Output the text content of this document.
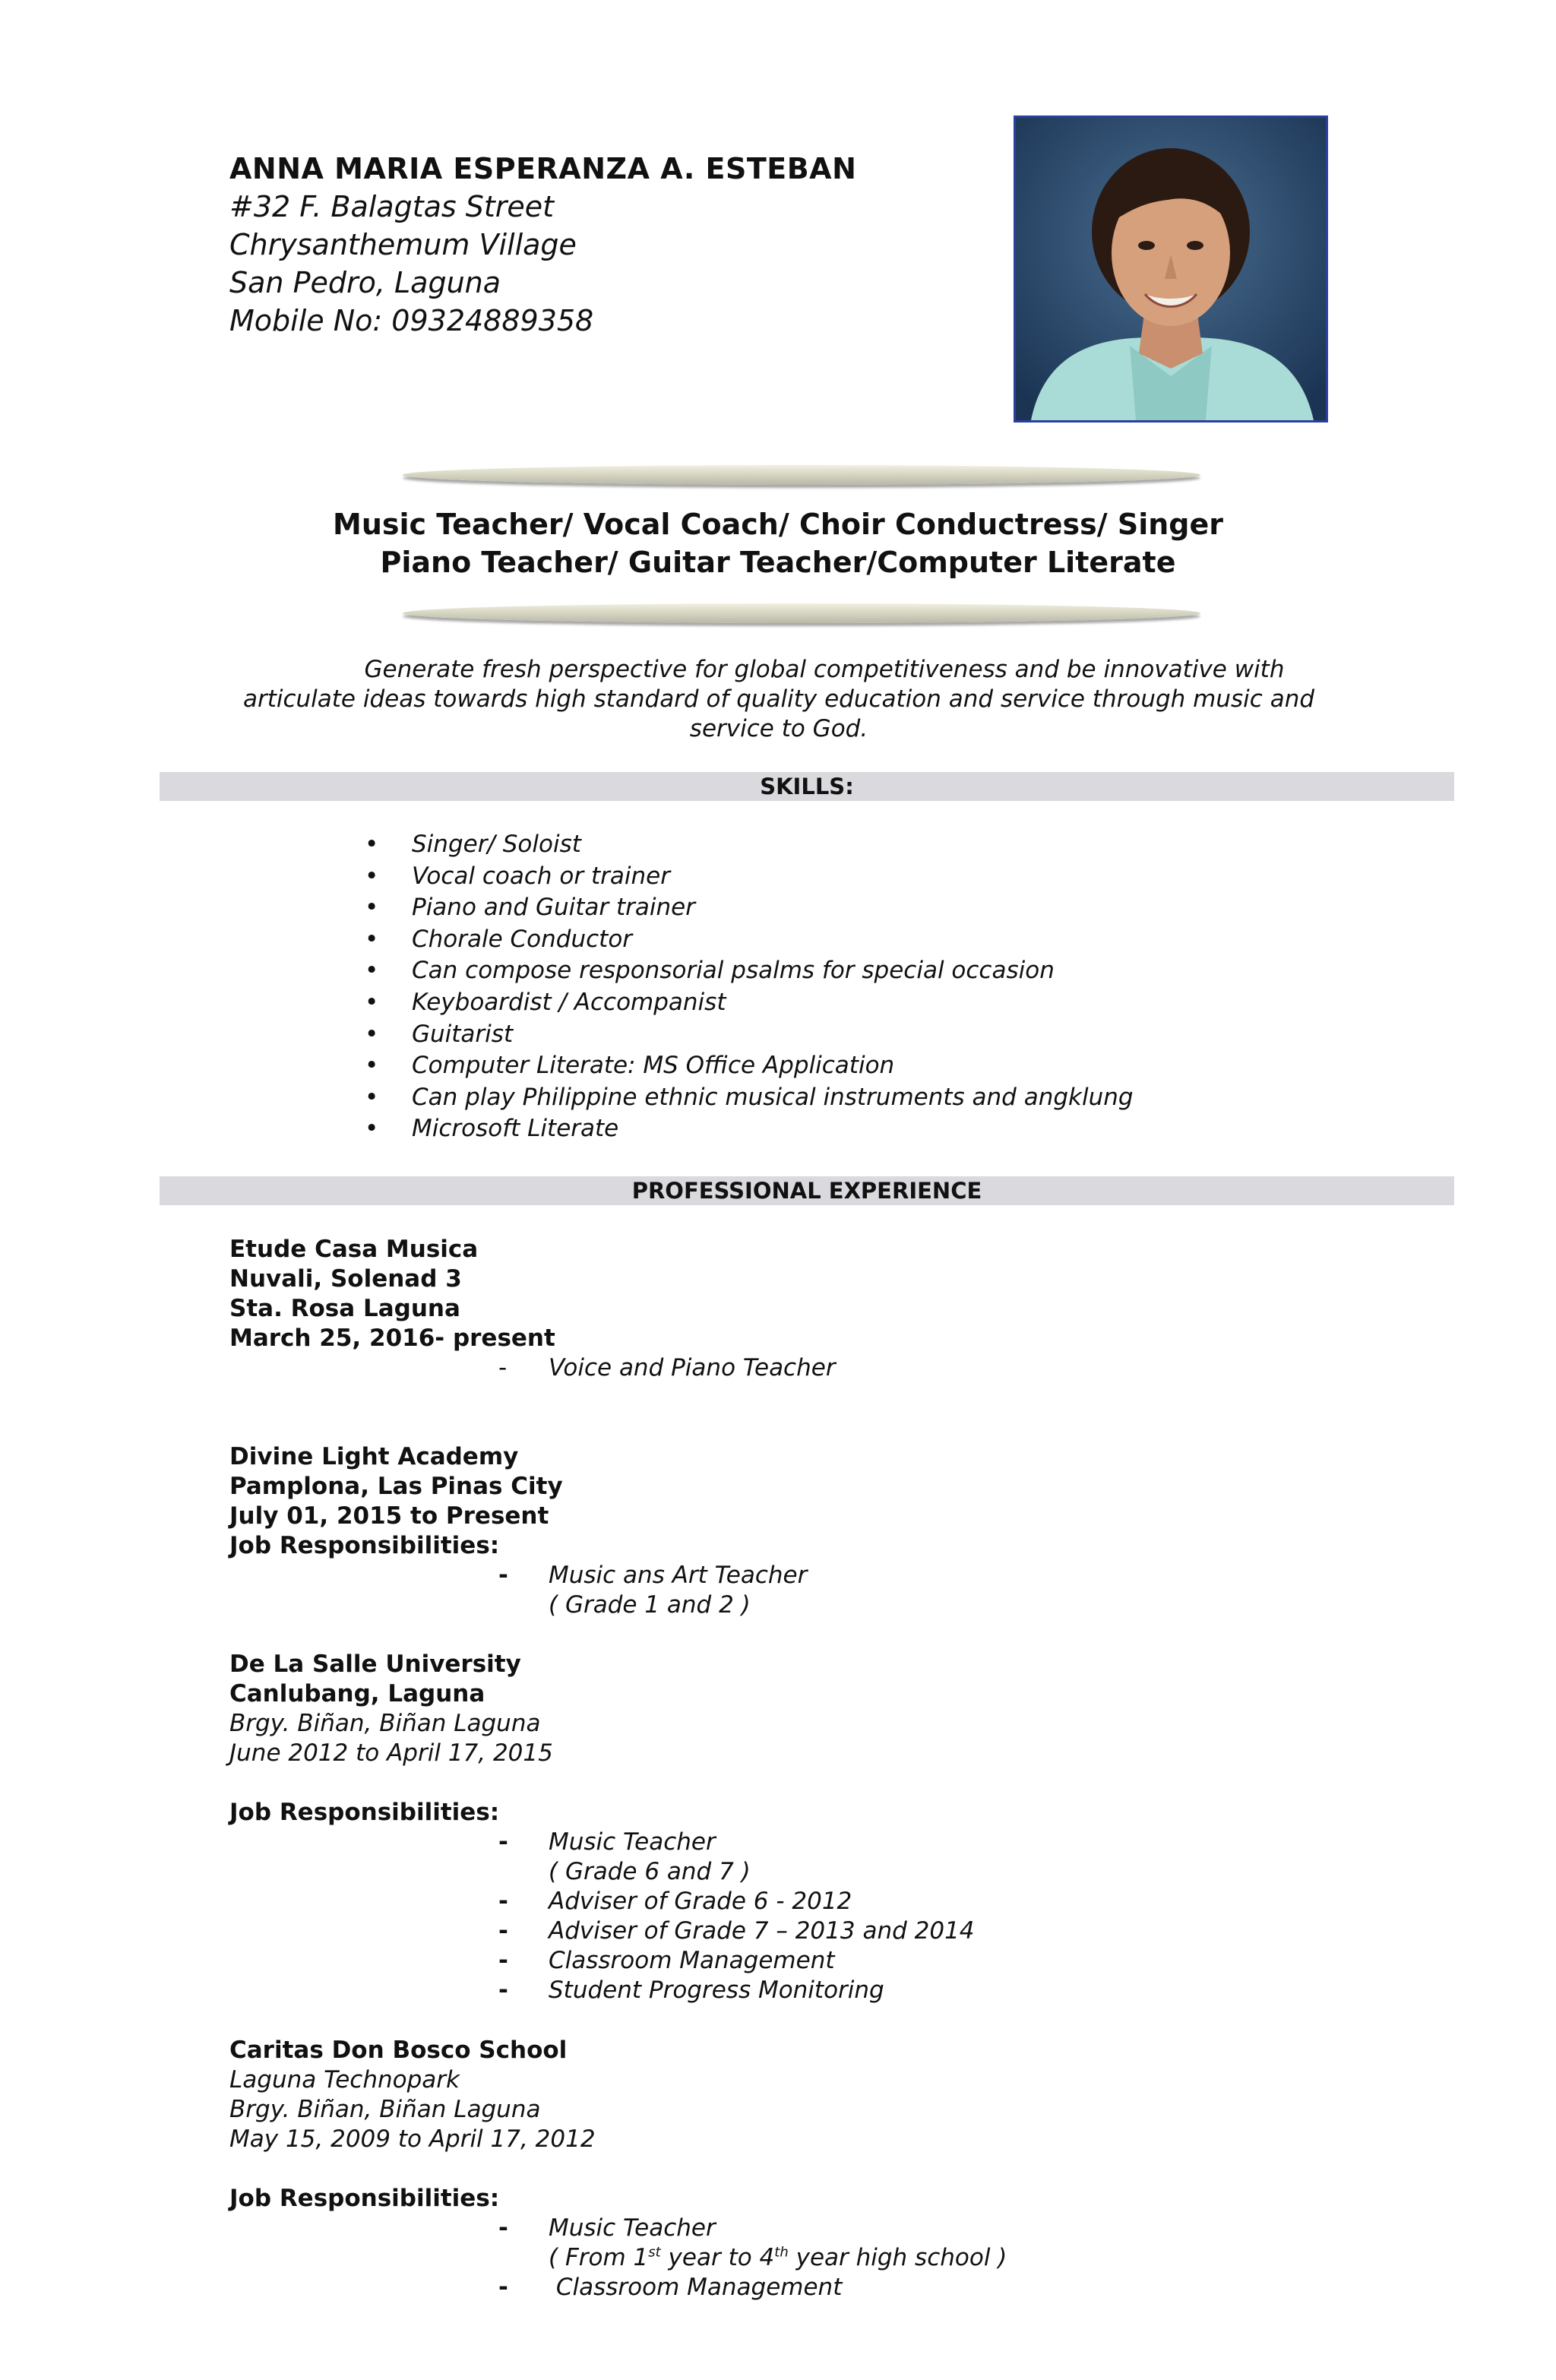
ANNA MARIA ESPERANZA A. ESTEBAN
#32 F. Balagtas Street
Chrysanthemum Village
San Pedro, Laguna
Mobile No: 09324889358
Music Teacher/ Vocal Coach/ Choir Conductress/ Singer
Piano Teacher/ Guitar Teacher/Computer Literate
Generate fresh perspective for global competitiveness and be innovative with
articulate ideas towards high standard of quality education and service through music and
service to God.
SKILLS:
• Singer/ Soloist
• Vocal coach or trainer
• Piano and Guitar trainer
• Chorale Conductor
• Can compose responsorial psalms for special occasion
• Keyboardist / Accompanist
• Guitarist
• Computer Literate: MS Office Application
• Can play Philippine ethnic musical instruments and angklung
• Microsoft Literate
PROFESSIONAL EXPERIENCE
Etude Casa Musica
Nuvali, Solenad 3
Sta. Rosa Laguna
March 25, 2016- present
- Voice and Piano Teacher
Divine Light Academy
Pamplona, Las Pinas City
July 01, 2015 to Present
Job Responsibilities:
- Music ans Art Teacher
( Grade 1 and 2 )
De La Salle University
Canlubang, Laguna
Brgy. Biñan, Biñan Laguna
June 2012 to April 17, 2015
Job Responsibilities:
- Music Teacher
( Grade 6 and 7 )
- Adviser of Grade 6 - 2012
- Adviser of Grade 7 – 2013 and 2014
- Classroom Management
- Student Progress Monitoring
Caritas Don Bosco School
Laguna Technopark
Brgy. Biñan, Biñan Laguna
May 15, 2009 to April 17, 2012
Job Responsibilities:
- Music Teacher
( From 1st year to 4th year high school )
- Classroom Management
